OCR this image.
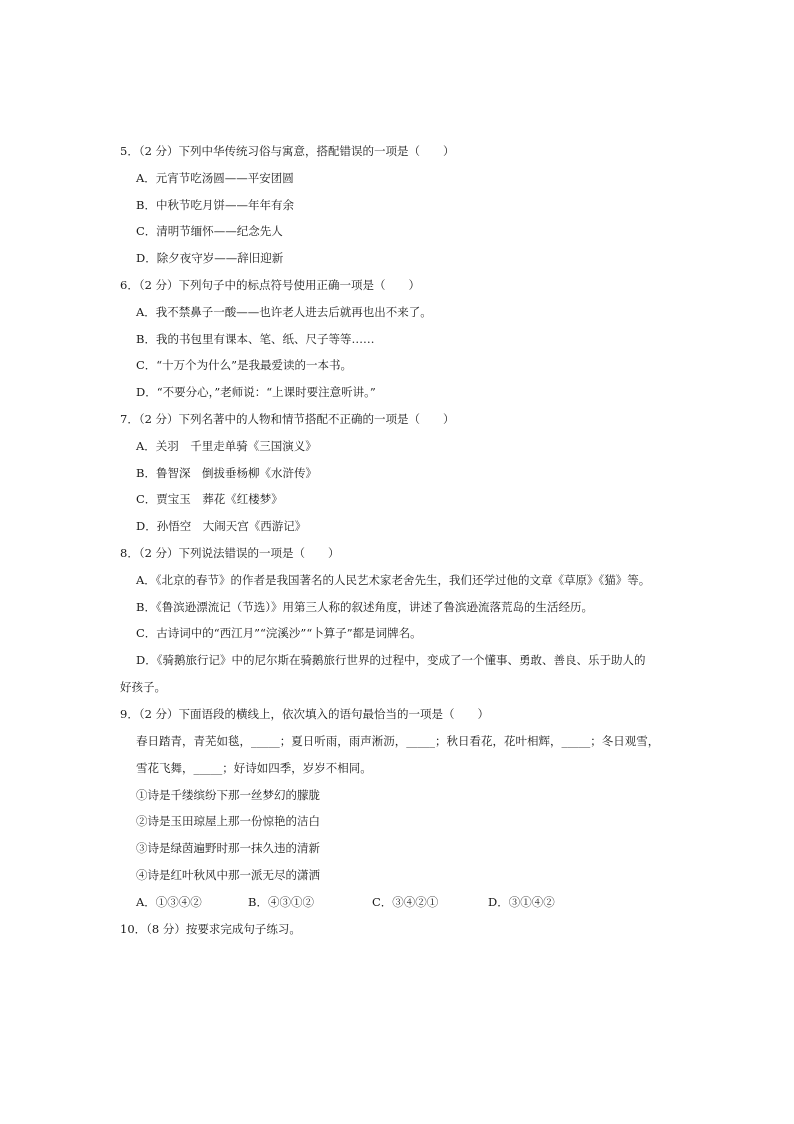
5．（2 分）下列中华传统习俗与寓意，搭配错误的一项是（　　）
A．元宵节吃汤圆——平安团圆
B．中秋节吃月饼——年年有余
C．清明节缅怀——纪念先人
D．除夕夜守岁——辞旧迎新
6．（2 分）下列句子中的标点符号使用正确一项是（　　）
A．我不禁鼻子一酸——也许老人进去后就再也出不来了。
B．我的书包里有课本、笔、纸、尺子等等……
C．“十万个为什么”是我最爱读的一本书。
D．“不要分心，”老师说：“上课时要注意听讲。”
7．（2 分）下列名著中的人物和情节搭配不正确的一项是（　　）
A．关羽　千里走单骑《三国演义》
B．鲁智深　倒拔垂杨柳《水浒传》
C．贾宝玉　葬花《红楼梦》
D．孙悟空　大闹天宫《西游记》
8．（2 分）下列说法错误的一项是（　　）
A．《北京的春节》的作者是我国著名的人民艺术家老舍先生，我们还学过他的文章《草原》《猫》等。
B．《鲁滨逊漂流记（节选）》用第三人称的叙述角度，讲述了鲁滨逊流落荒岛的生活经历。
C．古诗词中的“西江月”“浣溪沙”“卜算子”都是词牌名。
D．《骑鹅旅行记》中的尼尔斯在骑鹅旅行世界的过程中，变成了一个懂事、勇敢、善良、乐于助人的
好孩子。
9．（2 分）下面语段的横线上，依次填入的语句最恰当的一项是（　　）
春日踏青，青芜如毯，_____；夏日听雨，雨声淅沥，_____；秋日看花，花叶相辉，_____；冬日观雪，
雪花飞舞，_____；好诗如四季，岁岁不相同。
①诗是千缕缤纷下那一丝梦幻的朦胧
②诗是玉田琼屋上那一份惊艳的洁白
③诗是绿茵遍野时那一抹久违的清新
④诗是红叶秋风中那一派无尽的潇洒
A．①③④②	B．④③①②	C．③④②①	D．③①④②
10．（8 分）按要求完成句子练习。
